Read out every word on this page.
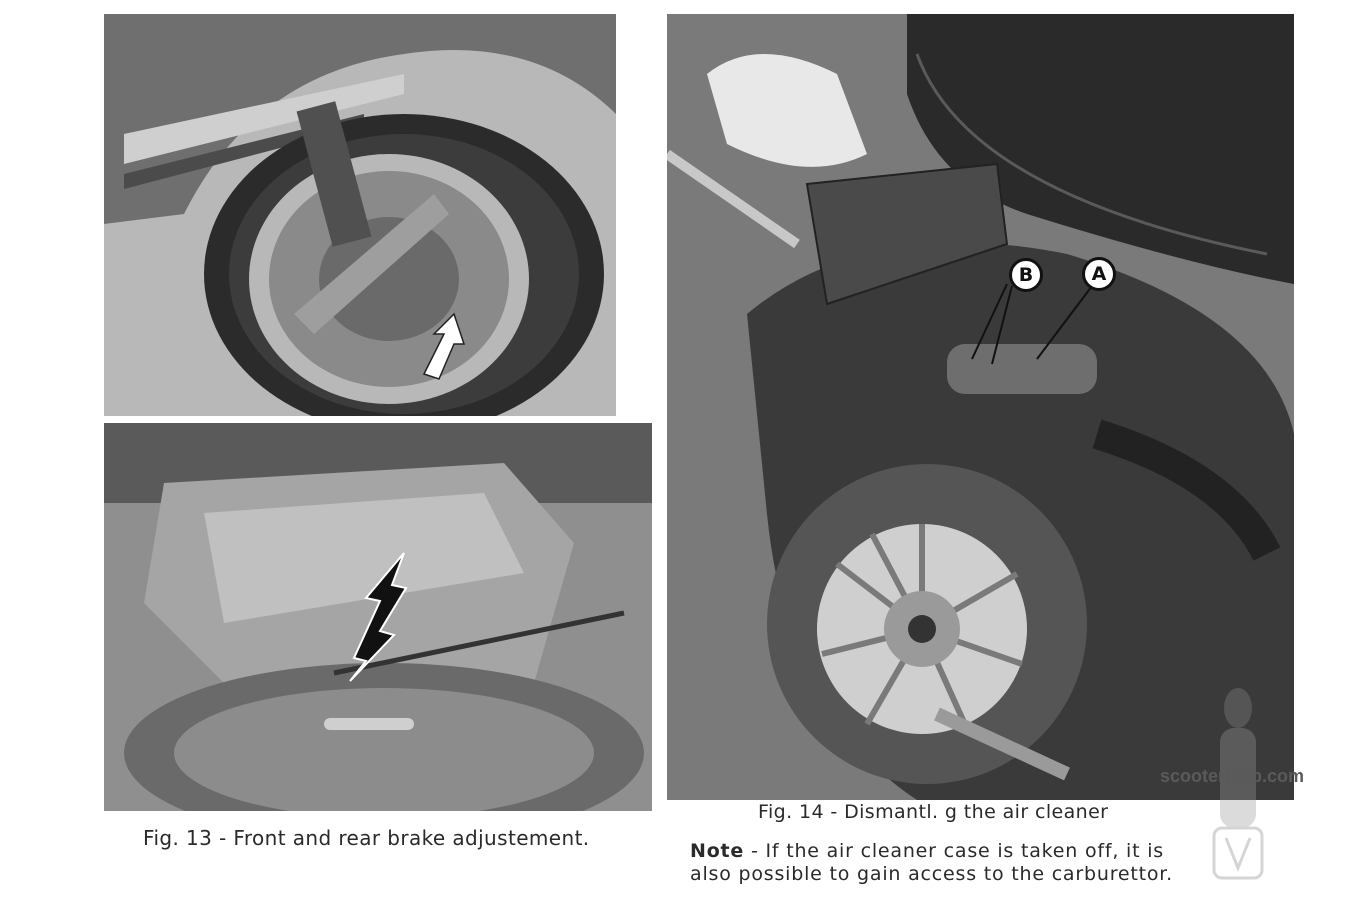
B	A
Fig. 13 - Front and rear brake adjustement.
Fig. 14 - Dismantl. g the air cleaner
Note - If the air cleaner case is taken off, it is
also possible to gain access to the carburettor.
scooterhelp.com
